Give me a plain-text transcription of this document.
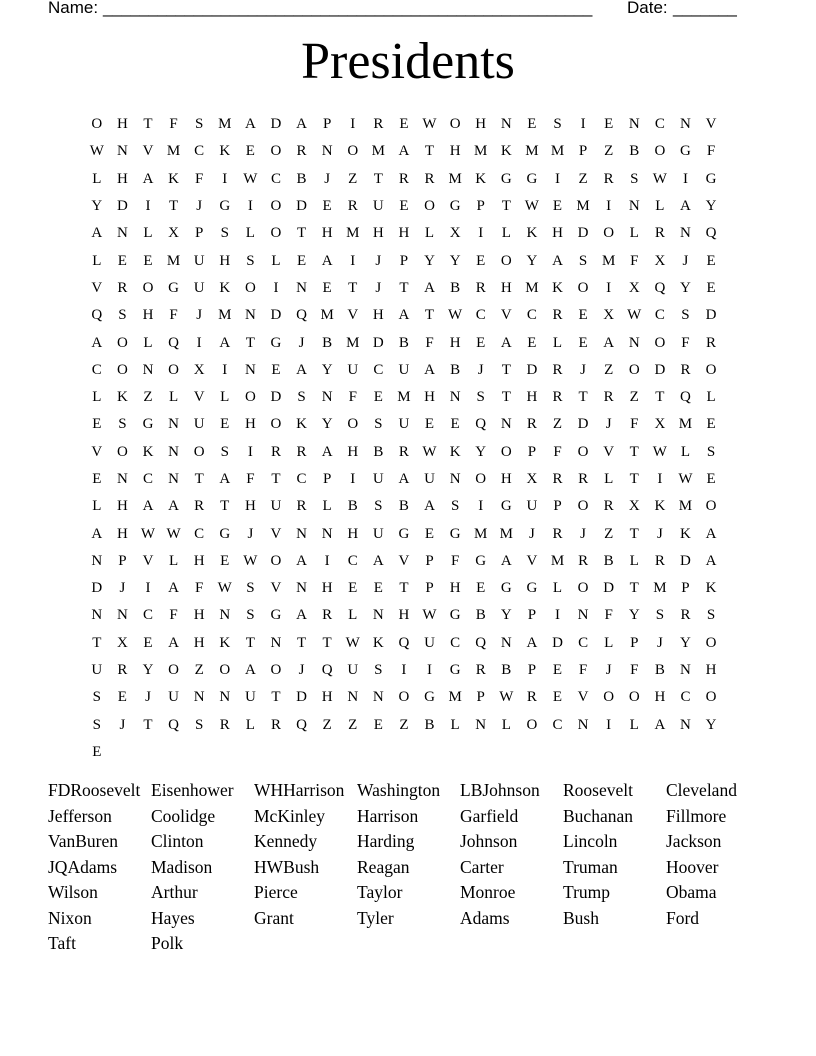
Name: ______________________________________________________ Date: _______
Presidents
O H	T	F	S M A D A	P	I	R	E W O H N	E	S	I	E	N	C	N V
W N V M C	K	E	O	R	N O M A	T	H M K M M P	Z	B	O G	F
L	H A K	F	I	W C	B	J	Z	T	R	R M K G G	I	Z	R	S W	I	G
Y D	I	T	J	G	I	O D	E	R	U	E	O G	P	T W E M	I	N	L	A Y
A N	L	X	P	S	L	O	T	H M H H	L	X	I	L	K H D O	L	R	N Q
L	E	E M U H	S	L	E	A	I	J	P	Y Y	E	O Y A	S M F	X	J	E
V	R	O G U K O	I	N	E	T	J	T	A	B	R	H M K O	I	X Q Y	E
Q	S	H	F	J	M N D Q M V H A	T W C	V	C	R	E	X W C	S	D
A O	L	Q	I	A	T	G	J	B M D	B	F	H	E	A	E	L	E	A N O	F	R
C	O N O X	I	N	E	A Y U	C	U A	B	J	T	D	R	J	Z	O D	R	O
L	K	Z	L	V	L	O D	S	N	F	E M H N	S	T	H	R	T	R	Z	T	Q	L
E	S	G N U	E	H O K Y O	S	U	E	E	Q N	R	Z	D	J	F	X M E
V O K N O	S	I	R	R	A H	B	R W K Y O	P	F	O V	T W L	S
E	N	C	N	T	A	F	T	C	P	I	U A U N O H X	R	R	L	T	I	W E
L	H A A	R	T	H U	R	L	B	S	B	A	S	I	G U	P	O	R	X K M O
A H W W C	G	J	V N N H U G	E	G M M	J	R	J	Z	T	J	K A
N	P	V	L	H	E W O A	I	C	A V	P	F	G A V M R	B	L	R	D A
D	J	I	A	F W S	V N H	E	E	T	P	H	E	G G	L	O D	T M P	K
N N	C	F	H N	S	G A	R	L	N H W G	B	Y	P	I	N	F	Y	S	R	S
T	X	E	A H K	T	N	T	T W K Q U	C	Q N A D	C	L	P	J	Y O
U	R	Y O	Z	O A O	J	Q U	S	I	I	G	R	B	P	E	F	J	F	B	N H
S	E	J	U N N U	T	D H N N O G M P W R	E	V O O H	C	O
S	J	T	Q	S	R	L	R	Q	Z	Z	E	Z	B	L	N	L	O	C	N	I	L	A N Y
E
FDRoosevelt Eisenhower	WHHarrison Washington	LBJohnson	Roosevelt	Cleveland
Jefferson	Coolidge	McKinley	Harrison	Garfield	Buchanan	Fillmore
VanBuren	Clinton	Kennedy	Harding	Johnson	Lincoln	Jackson
JQAdams	Madison	HWBush	Reagan	Carter	Truman	Hoover
Wilson	Arthur	Pierce	Taylor	Monroe	Trump	Obama
Nixon	Hayes	Grant	Tyler	Adams	Bush	Ford
Taft	Polk
